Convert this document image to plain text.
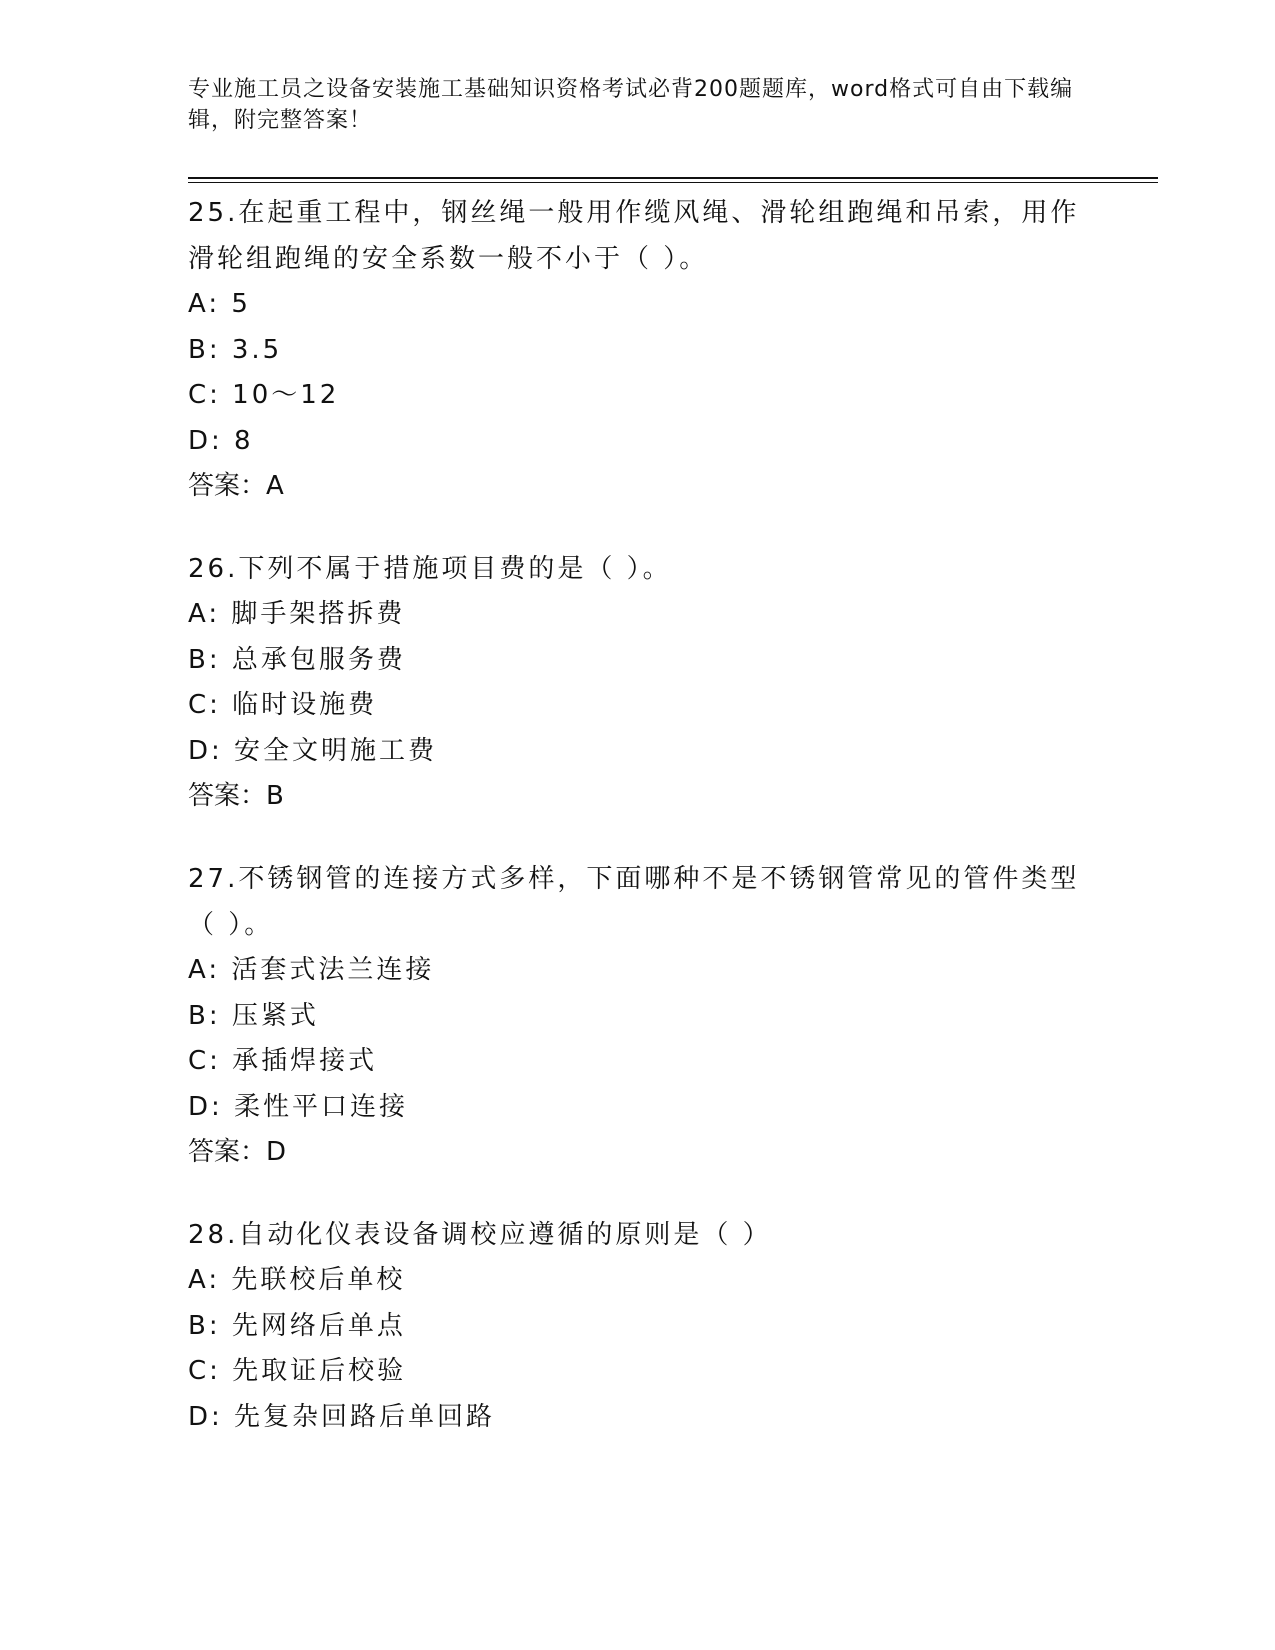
专业施工员之设备安装施工基础知识资格考试必背200题题库，word格式可自由下载编辑，附完整答案！
25.在起重工程中，钢丝绳一般用作缆风绳、滑轮组跑绳和吊索，用作滑轮组跑绳的安全系数一般不小于（ ）。
A: 5
B: 3.5
C: 10～12
D: 8
答案：A
26.下列不属于措施项目费的是（ ）。
A: 脚手架搭拆费
B: 总承包服务费
C: 临时设施费
D: 安全文明施工费
答案：B
27.不锈钢管的连接方式多样，下面哪种不是不锈钢管常见的管件类型（ ）。
A: 活套式法兰连接
B: 压紧式
C: 承插焊接式
D: 柔性平口连接
答案：D
28.自动化仪表设备调校应遵循的原则是（ ）
A: 先联校后单校
B: 先网络后单点
C: 先取证后校验
D: 先复杂回路后单回路
